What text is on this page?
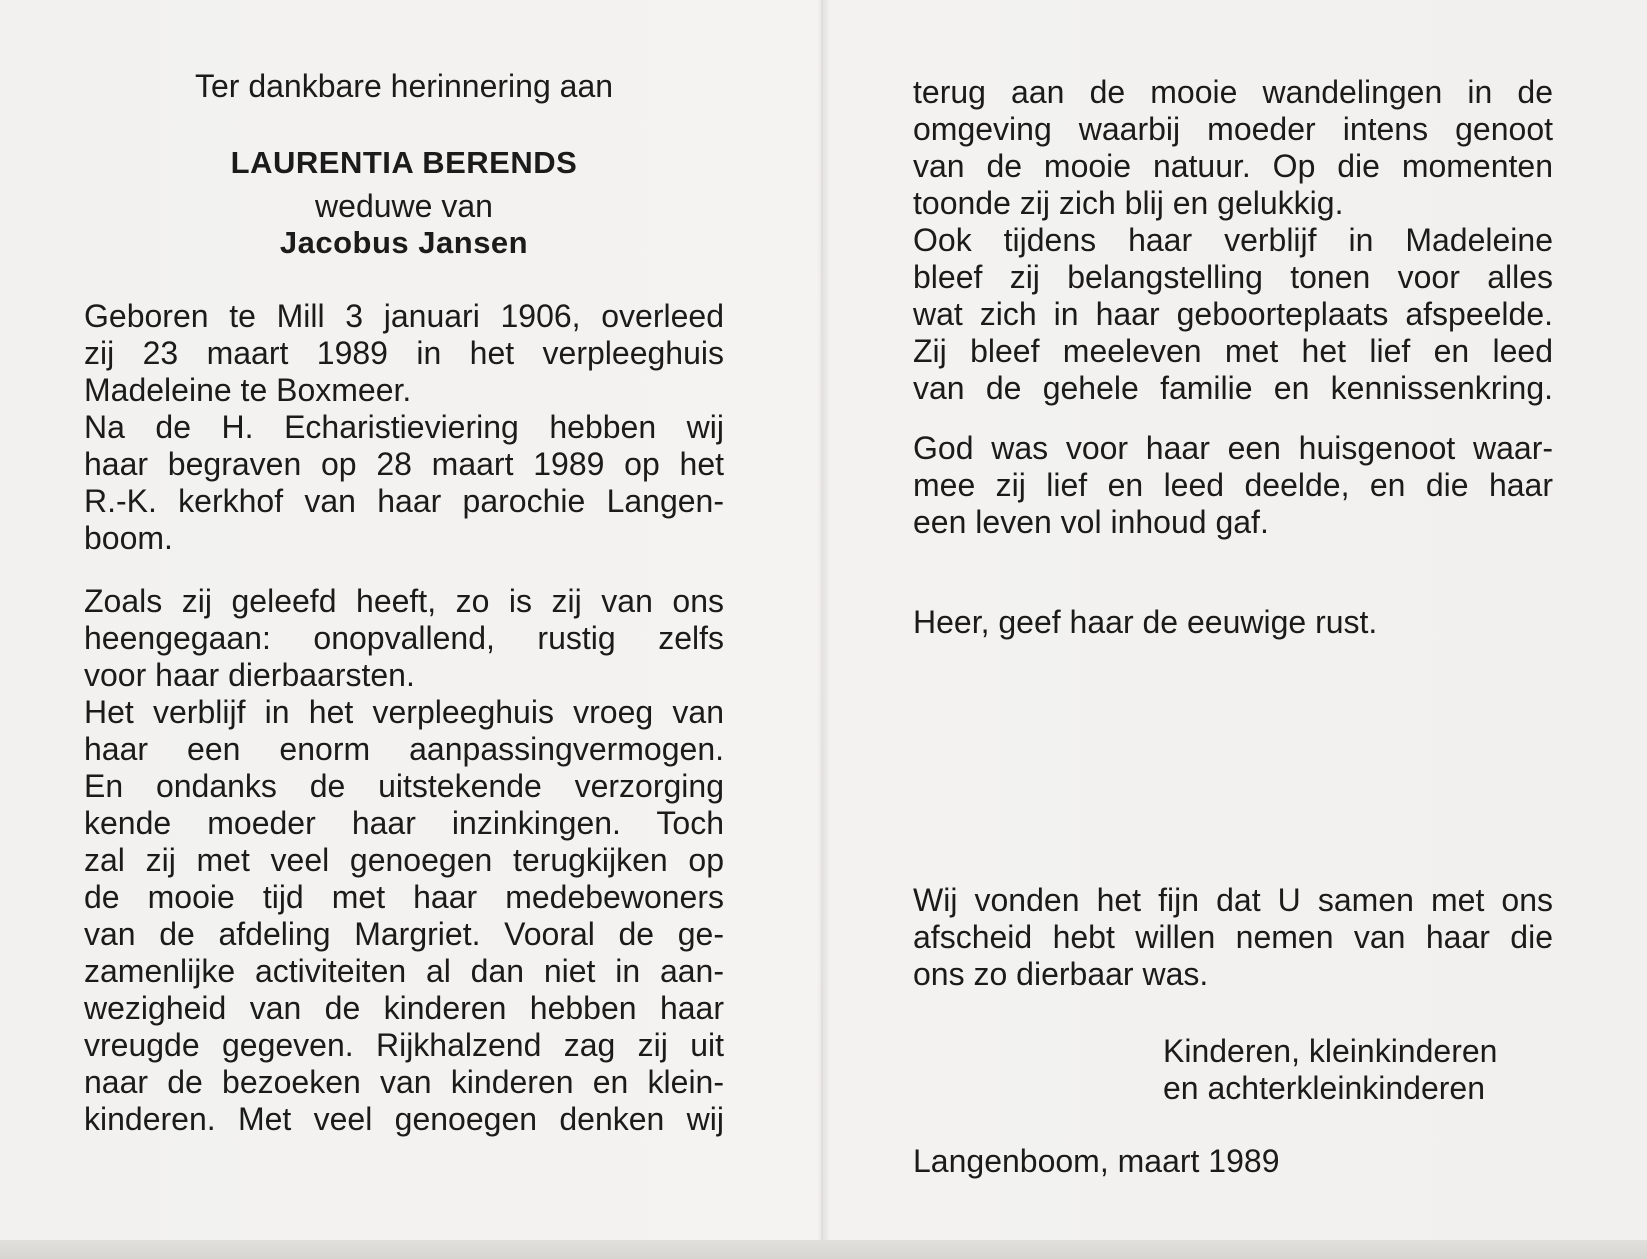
Ter dankbare herinnering aan
LAURENTIA BERENDS
weduwe van
Jacobus Jansen
Geboren te Mill 3 januari 1906, overleed
zij 23 maart 1989 in het verpleeghuis
Madeleine te Boxmeer.
Na de H. Echaristieviering hebben wij
haar begraven op 28 maart 1989 op het
R.-K. kerkhof van haar parochie Langen-
boom.
Zoals zij geleefd heeft, zo is zij van ons
heengegaan: onopvallend, rustig zelfs
voor haar dierbaarsten.
Het verblijf in het verpleeghuis vroeg van
haar een enorm aanpassingvermogen.
En ondanks de uitstekende verzorging
kende moeder haar inzinkingen. Toch
zal zij met veel genoegen terugkijken op
de mooie tijd met haar medebewoners
van de afdeling Margriet. Vooral de ge-
zamenlijke activiteiten al dan niet in aan-
wezigheid van de kinderen hebben haar
vreugde gegeven. Rijkhalzend zag zij uit
naar de bezoeken van kinderen en klein-
kinderen. Met veel genoegen denken wij
terug aan de mooie wandelingen in de
omgeving waarbij moeder intens genoot
van de mooie natuur. Op die momenten
toonde zij zich blij en gelukkig.
Ook tijdens haar verblijf in Madeleine
bleef zij belangstelling tonen voor alles
wat zich in haar geboorteplaats afspeelde.
Zij bleef meeleven met het lief en leed
van de gehele familie en kennissenkring.
God was voor haar een huisgenoot waar-
mee zij lief en leed deelde, en die haar
een leven vol inhoud gaf.
Heer, geef haar de eeuwige rust.
Wij vonden het fijn dat U samen met ons
afscheid hebt willen nemen van haar die
ons zo dierbaar was.
Kinderen, kleinkinderen
en achterkleinkinderen
Langenboom, maart 1989
